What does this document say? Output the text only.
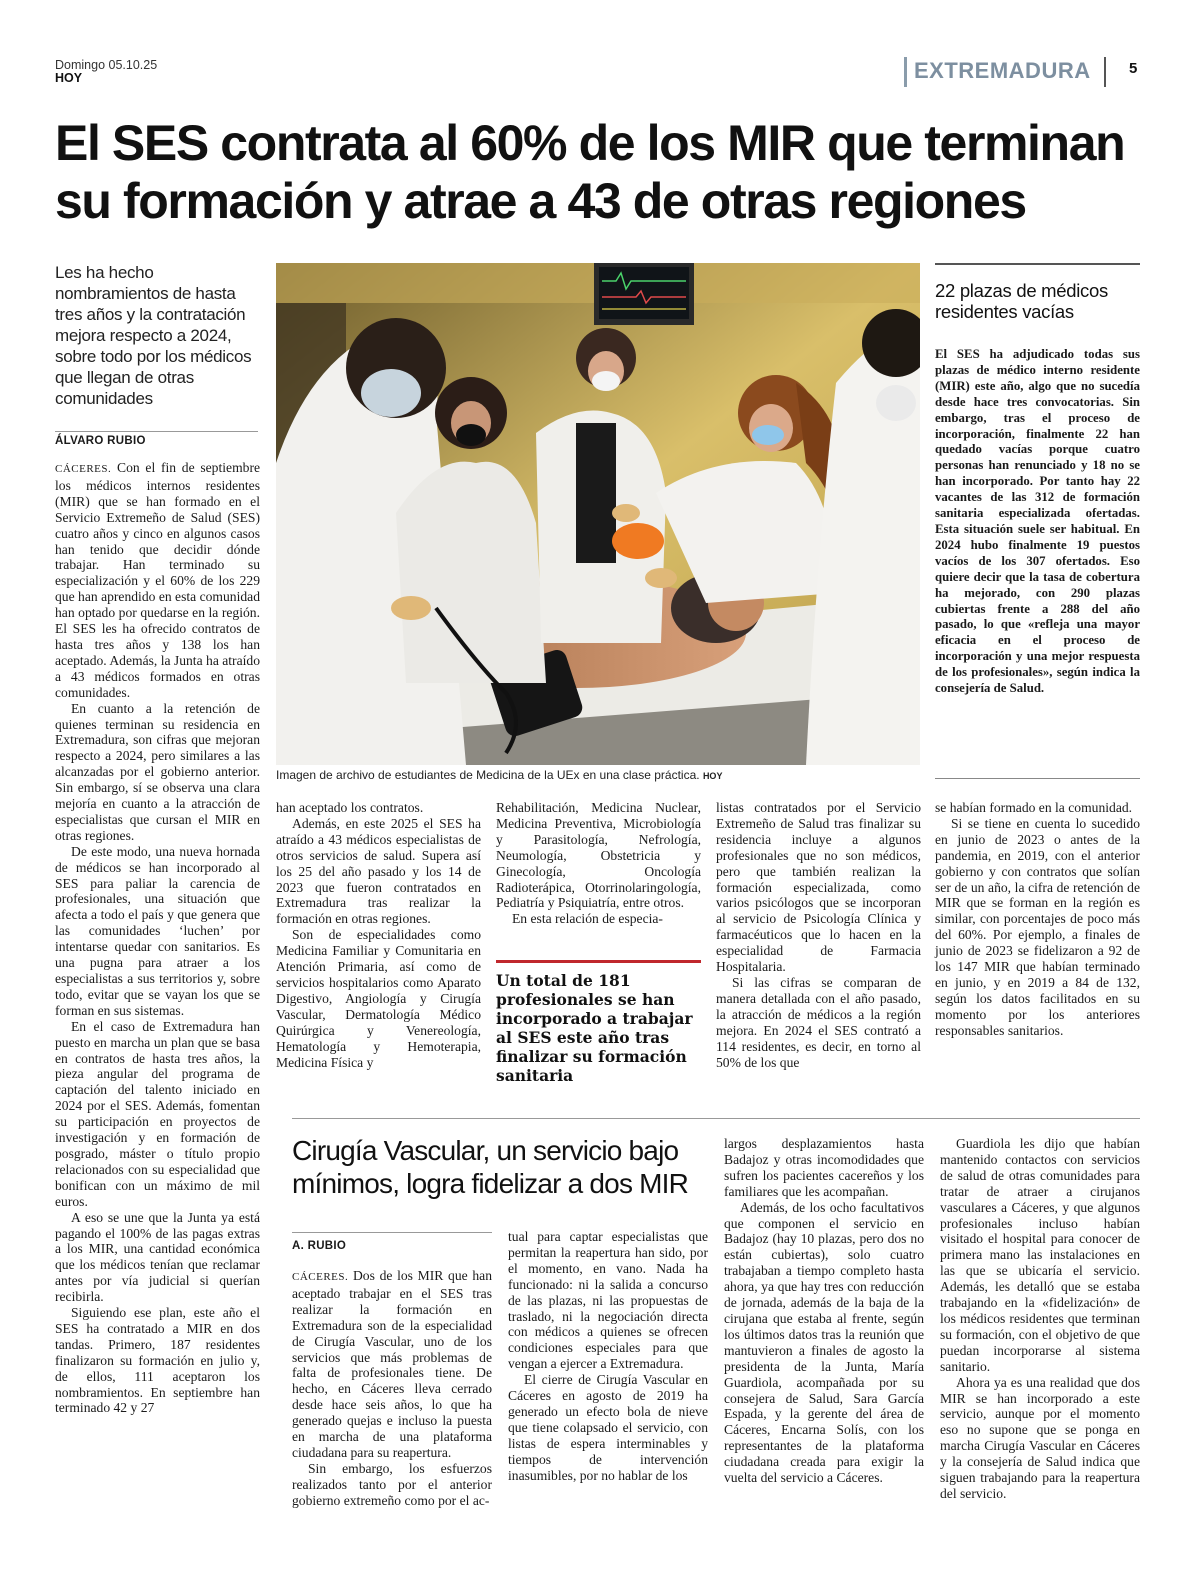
Domingo 05.10.25
HOY	EXTREMADURA	5
El SES contrata al 60% de los MIR que terminan
su formación y atrae a 43 de otras regiones
Les ha hecho nombramientos de hasta tres años y la contratación mejora respecto a 2024, sobre todo por los médicos que llegan de otras comunidades
ÁLVARO RUBIO
Imagen de archivo de estudiantes de Medicina de la UEx en una clase práctica. HOY
22 plazas de médicos residentes vacías
El SES ha adjudicado todas sus plazas de médico interno residente (MIR) este año, algo que no sucedía desde hace tres convocatorias. Sin embargo, tras el proceso de incorporación, finalmente 22 han quedado vacías porque cuatro personas han renunciado y 18 no se han incorporado. Por tanto hay 22 vacantes de las 312 de formación sanitaria especializada ofertadas. Esta situación suele ser habitual. En 2024 hubo finalmente 19 puestos vacíos de los 307 ofertados. Eso quiere decir que la tasa de cobertura ha mejorado, con 290 plazas cubiertas frente a 288 del año pasado, lo que «refleja una mayor eficacia en el proceso de incorporación y una mejor respuesta de los profesionales», según indica la consejería de Salud.

CÁCERES. Con el fin de septiembre los médicos internos residentes (MIR) que se han formado en el Servicio Extremeño de Salud (SES) cuatro años y cinco en algunos casos han tenido que decidir dónde trabajar. Han terminado su especialización y el 60% de los 229 que han aprendido en esta comunidad han optado por quedarse en la región. El SES les ha ofrecido contratos de hasta tres años y 138 los han aceptado. Además, la Junta ha atraído a 43 médicos formados en otras comunidades.

En cuanto a la retención de quienes terminan su residencia en Extremadura, son cifras que mejoran respecto a 2024, pero similares a las alcanzadas por el gobierno anterior. Sin embargo, sí se observa una clara mejoría en cuanto a la atracción de especialistas que cursan el MIR en otras regiones.

De este modo, una nueva hornada de médicos se han incorporado al SES para paliar la carencia de profesionales, una situación que afecta a todo el país y que genera que las comunidades ‘luchen’ por intentarse quedar con sanitarios. Es una pugna para atraer a los especialistas a sus territorios y, sobre todo, evitar que se vayan los que se forman en sus sistemas.

En el caso de Extremadura han puesto en marcha un plan que se basa en contratos de hasta tres años, la pieza angular del programa de captación del talento iniciado en 2024 por el SES. Además, fomentan su participación en proyectos de investigación y en formación de posgrado, máster o título propio relacionados con su especialidad que bonifican con un máximo de mil euros.

A eso se une que la Junta ya está pagando el 100% de las pagas extras a los MIR, una cantidad económica que los médicos tenían que reclamar antes por vía judicial si querían recibirla.

Siguiendo ese plan, este año el SES ha contratado a MIR en dos tandas. Primero, 187 residentes finalizaron su formación en julio y, de ellos, 111 aceptaron los nombramientos. En septiembre han terminado 42 y 27

han aceptado los contratos.

Además, en este 2025 el SES ha atraído a 43 médicos especialistas de otros servicios de salud. Supera así los 25 del año pasado y los 14 de 2023 que fueron contratados en Extremadura tras realizar la formación en otras regiones.

Son de especialidades como Medicina Familiar y Comunitaria en Atención Primaria, así como de servicios hospitalarios como Aparato Digestivo, Angiología y Cirugía Vascular, Dermatología Médico Quirúrgica y Venereología, Hematología y Hemoterapia, Medicina Física y

Rehabilitación, Medicina Nuclear, Medicina Preventiva, Microbiología y Parasitología, Nefrología, Neumología, Obstetricia y Ginecología, Oncología Radioterápica, Otorrinolaringología, Pediatría y Psiquiatría, entre otros.

En esta relación de especia-

Un total de 181 profesionales se han incorporado a trabajar al SES este año tras finalizar su formación sanitaria

listas contratados por el Servicio Extremeño de Salud tras finalizar su residencia incluye a algunos profesionales que no son médicos, pero que también realizan la formación especializada, como varios psicólogos que se incorporan al servicio de Psicología Clínica y farmacéuticos que lo hacen en la especialidad de Farmacia Hospitalaria.

Si las cifras se comparan de manera detallada con el año pasado, la atracción de médicos a la región mejora. En 2024 el SES contrató a 114 residentes, es decir, en torno al 50% de los que

se habían formado en la comunidad.

Si se tiene en cuenta lo sucedido en junio de 2023 o antes de la pandemia, en 2019, con el anterior gobierno y con contratos que solían ser de un año, la cifra de retención de MIR que se forman en la región es similar, con porcentajes de poco más del 60%. Por ejemplo, a finales de junio de 2023 se fidelizaron a 92 de los 147 MIR que habían terminado en junio, y en 2019 a 84 de 132, según los datos facilitados en su momento por los anteriores responsables sanitarios.

Cirugía Vascular, un servicio bajo mínimos, logra fidelizar a dos MIR
A. RUBIO

CÁCERES. Dos de los MIR que han aceptado trabajar en el SES tras realizar la formación en Extremadura son de la especialidad de Cirugía Vascular, uno de los servicios que más problemas de falta de profesionales tiene. De hecho, en Cáceres lleva cerrado desde hace seis años, lo que ha generado quejas e incluso la puesta en marcha de una plataforma ciudadana para su reapertura.

Sin embargo, los esfuerzos realizados tanto por el anterior gobierno extremeño como por el ac-

tual para captar especialistas que permitan la reapertura han sido, por el momento, en vano. Nada ha funcionado: ni la salida a concurso de las plazas, ni las propuestas de traslado, ni la negociación directa con médicos a quienes se ofrecen condiciones especiales para que vengan a ejercer a Extremadura.

El cierre de Cirugía Vascular en Cáceres en agosto de 2019 ha generado un efecto bola de nieve que tiene colapsado el servicio, con listas de espera interminables y tiempos de intervención inasumibles, por no hablar de los

largos desplazamientos hasta Badajoz y otras incomodidades que sufren los pacientes cacereños y los familiares que les acompañan.

Además, de los ocho facultativos que componen el servicio en Badajoz (hay 10 plazas, pero dos no están cubiertas), solo cuatro trabajaban a tiempo completo hasta ahora, ya que hay tres con reducción de jornada, además de la baja de la cirujana que estaba al frente, según los últimos datos tras la reunión que mantuvieron a finales de agosto la presidenta de la Junta, María Guardiola, acompañada por su consejera de Salud, Sara García Espada, y la gerente del área de Cáceres, Encarna Solís, con los representantes de la plataforma ciudadana creada para exigir la vuelta del servicio a Cáceres.

Guardiola les dijo que habían mantenido contactos con servicios de salud de otras comunidades para tratar de atraer a cirujanos vasculares a Cáceres, y que algunos profesionales incluso habían visitado el hospital para conocer de primera mano las instalaciones en las que se ubicaría el servicio. Además, les detalló que se estaba trabajando en la «fidelización» de los médicos residentes que terminan su formación, con el objetivo de que puedan incorporarse al sistema sanitario.

Ahora ya es una realidad que dos MIR se han incorporado a este servicio, aunque por el momento eso no supone que se ponga en marcha Cirugía Vascular en Cáceres y la consejería de Salud indica que siguen trabajando para la reapertura del servicio.
